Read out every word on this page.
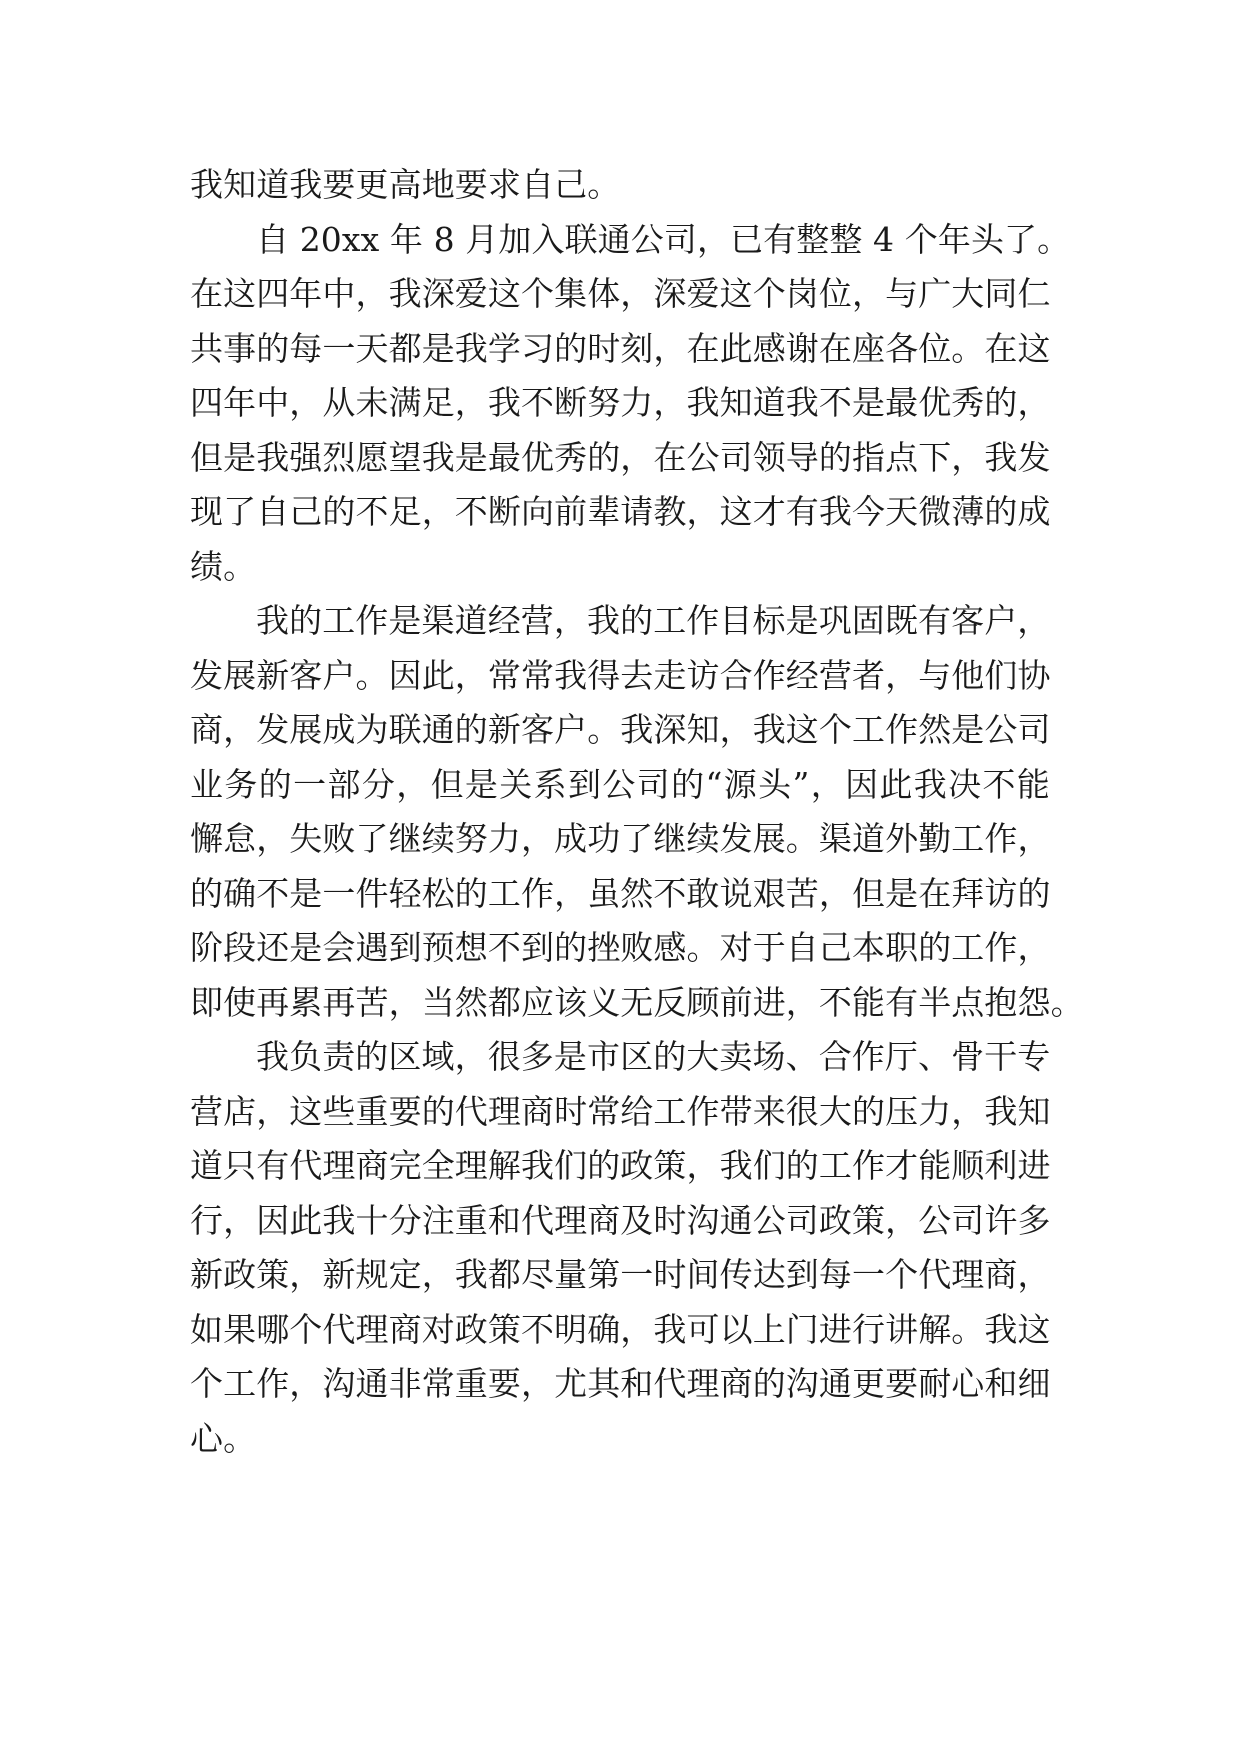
我知道我要更高地要求自己。
自 20xx 年 8 月加入联通公司，已有整整 4 个年头了。
在这四年中，我深爱这个集体，深爱这个岗位，与广大同仁
共事的每一天都是我学习的时刻，在此感谢在座各位。在这
四年中，从未满足，我不断努力，我知道我不是最优秀的，
但是我强烈愿望我是最优秀的，在公司领导的指点下，我发
现了自己的不足，不断向前辈请教，这才有我今天微薄的成
绩。
我的工作是渠道经营，我的工作目标是巩固既有客户，
发展新客户。因此，常常我得去走访合作经营者，与他们协
商，发展成为联通的新客户。我深知，我这个工作然是公司
业务的一部分，但是关系到公司的“源头”，因此我决不能
懈怠，失败了继续努力，成功了继续发展。渠道外勤工作，
的确不是一件轻松的工作，虽然不敢说艰苦，但是在拜访的
阶段还是会遇到预想不到的挫败感。对于自己本职的工作，
即使再累再苦，当然都应该义无反顾前进，不能有半点抱怨。
我负责的区域，很多是市区的大卖场、合作厅、骨干专
营店，这些重要的代理商时常给工作带来很大的压力，我知
道只有代理商完全理解我们的政策，我们的工作才能顺利进
行，因此我十分注重和代理商及时沟通公司政策，公司许多
新政策，新规定，我都尽量第一时间传达到每一个代理商，
如果哪个代理商对政策不明确，我可以上门进行讲解。我这
个工作，沟通非常重要，尤其和代理商的沟通更要耐心和细
心。
